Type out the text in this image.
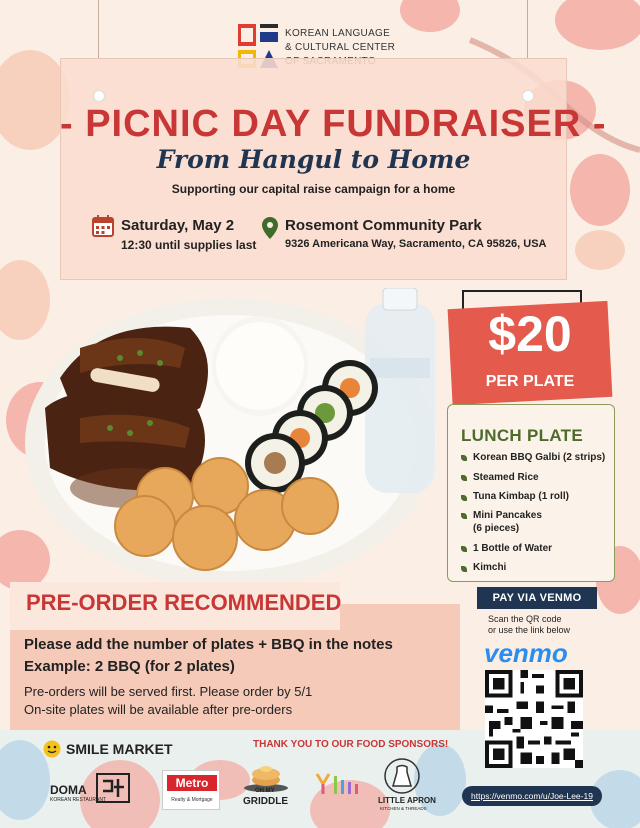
KOREAN LANGUAGE
& CULTURAL CENTER
- PICNIC DAY FUNDRAISER -
From Hangul to Home
Supporting our capital raise campaign for a home
Saturday, May 2
12:30 until supplies last
Rosemont Community Park
9326 Americana Way, Sacramento, CA 95826, USA
$20
PER PLATE
LUNCH PLATE
Korean BBQ Galbi (2 strips)
Steamed Rice
Tuna Kimbap (1 roll)
Mini Pancakes
(6 pieces)
1 Bottle of Water
Kimchi
PRE-ORDER RECOMMENDED
Please add the number of plates + BBQ in the notes
Example: 2 BBQ (for 2 plates)
Pre-orders will be served first. Please order by 5/1
On-site plates will be available after pre-orders
PAY VIA VENMO
Scan the QR code
or use the link below
venmo
https://venmo.com/u/Joe-Lee-19
SMILE MARKET	THANK YOU TO OUR FOOD SPONSORS!
DOMA
KOREAN RESTAURANT
Metro
Realty & Mortgage
OH MY
GRIDDLE	LITTLE APRON
KITCHEN & THREADS
